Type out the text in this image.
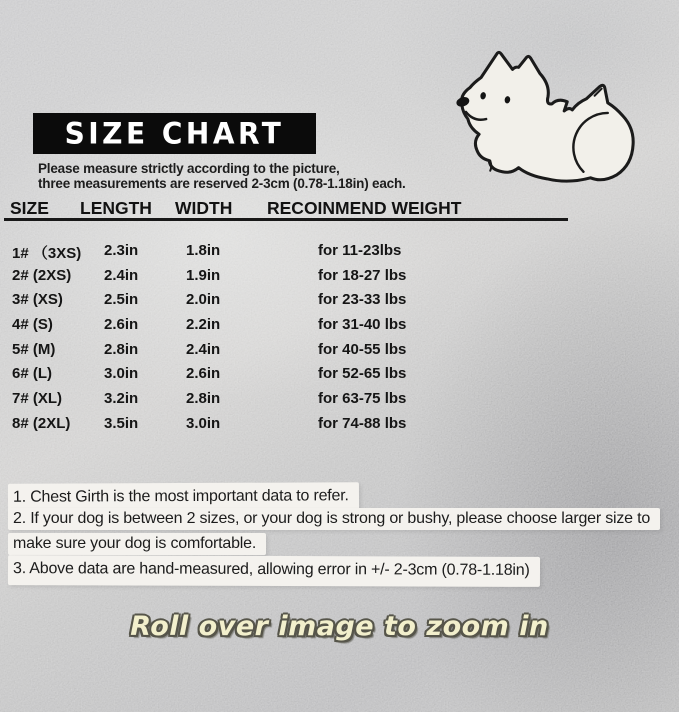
SIZE CHART
Please measure strictly according to the picture,
three measurements are reserved 2-3cm (0.78-1.18in) each.
SIZE LENGTH WIDTH RECOINMEND WEIGHT
1# （3XS) 2.3in	1.8in	for 11-23lbs
2# (2XS) 2.4in	1.9in	for 18-27 lbs
3# (XS)	2.5in	2.0in	for 23-33 lbs
4# (S)	2.6in	2.2in	for 31-40 lbs
5# (M)	2.8in	2.4in	for 40-55 lbs
6# (L)	3.0in	2.6in	for 52-65 lbs
7# (XL)	3.2in	2.8in	for 63-75 lbs
8# (2XL) 3.5in	3.0in	for 74-88 lbs
1. Chest Girth is the most important data to refer.
2. If your dog is between 2 sizes, or your dog is strong or bushy, please choose larger size to make sure your dog is comfortable.
3. Above data are hand-measured, allowing error in +/- 2-3cm (0.78-1.18in)
Roll over image to zoom in
